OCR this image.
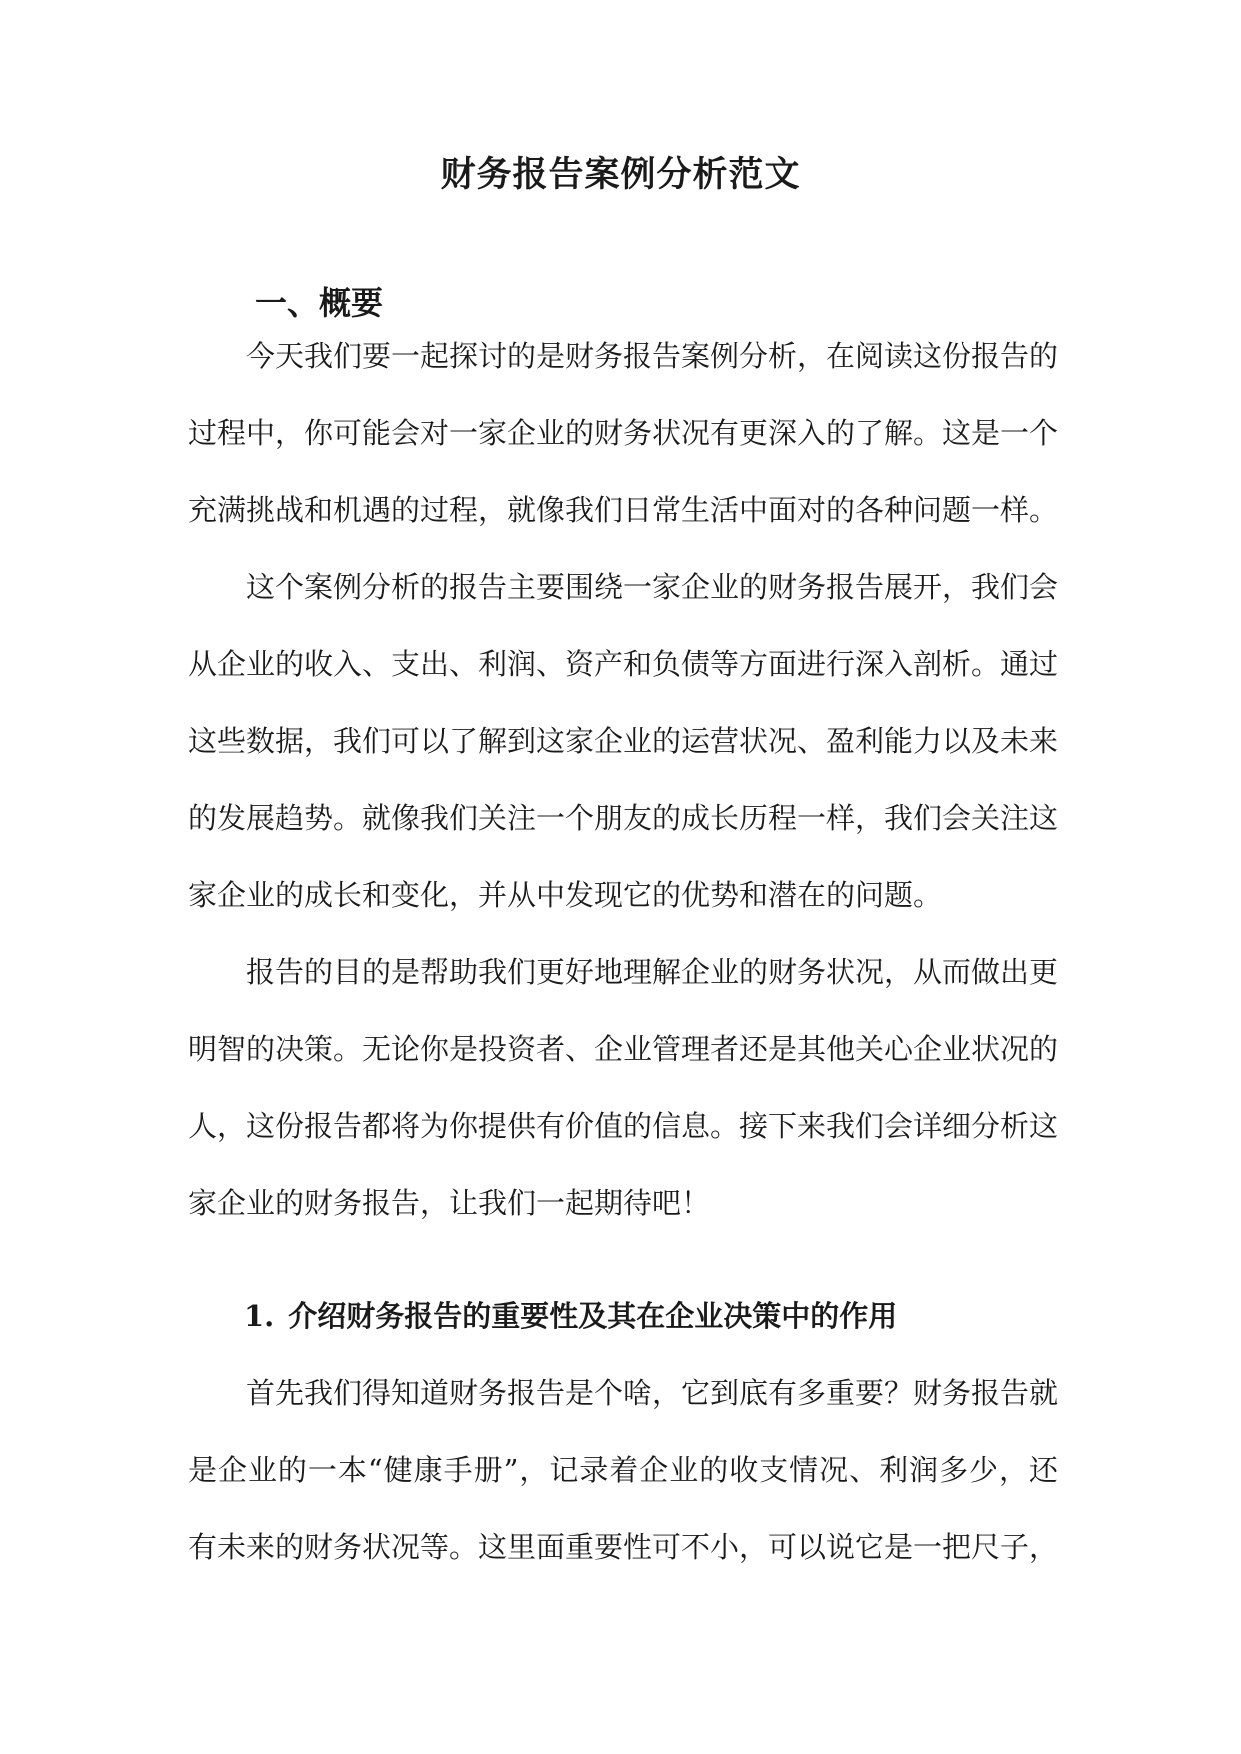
财务报告案例分析范文
一、概要

今天我们要一起探讨的是财务报告案例分析，在阅读这份报告的过程中，你可能会对一家企业的财务状况有更深入的了解。这是一个充满挑战和机遇的过程，就像我们日常生活中面对的各种问题一样。

这个案例分析的报告主要围绕一家企业的财务报告展开，我们会从企业的收入、支出、利润、资产和负债等方面进行深入剖析。通过这些数据，我们可以了解到这家企业的运营状况、盈利能力以及未来的发展趋势。就像我们关注一个朋友的成长历程一样，我们会关注这家企业的成长和变化，并从中发现它的优势和潜在的问题。

报告的目的是帮助我们更好地理解企业的财务状况，从而做出更明智的决策。无论你是投资者、企业管理者还是其他关心企业状况的人，这份报告都将为你提供有价值的信息。接下来我们会详细分析这家企业的财务报告，让我们一起期待吧！

1. 介绍财务报告的重要性及其在企业决策中的作用

首先我们得知道财务报告是个啥，它到底有多重要？财务报告就是企业的一本“健康手册”，记录着企业的收支情况、利润多少，还有未来的财务状况等。这里面重要性可不小，可以说它是一把尺子，
